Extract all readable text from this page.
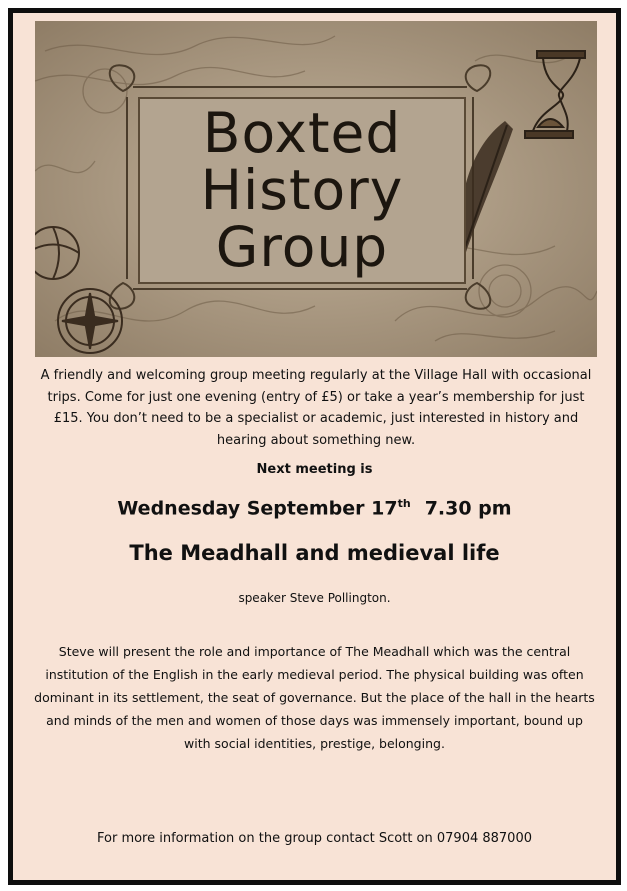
Boxted
History
Group
A friendly and welcoming group meeting regularly at the Village Hall with occasional trips. Come for just one evening (entry of £5) or take a year’s membership for just £15. You don’t need to be a specialist or academic, just interested in history and hearing about something new.
Next meeting is
Wednesday September 17th 7.30 pm
The Meadhall and medieval life
speaker Steve Pollington.
Steve will present the role and importance of The Meadhall which was the central institution of the English in the early medieval period. The physical building was often dominant in its settlement, the seat of governance. But the place of the hall in the hearts and minds of the men and women of those days was immensely important, bound up with social identities, prestige, belonging.
For more information on the group contact Scott on 07904 887000
